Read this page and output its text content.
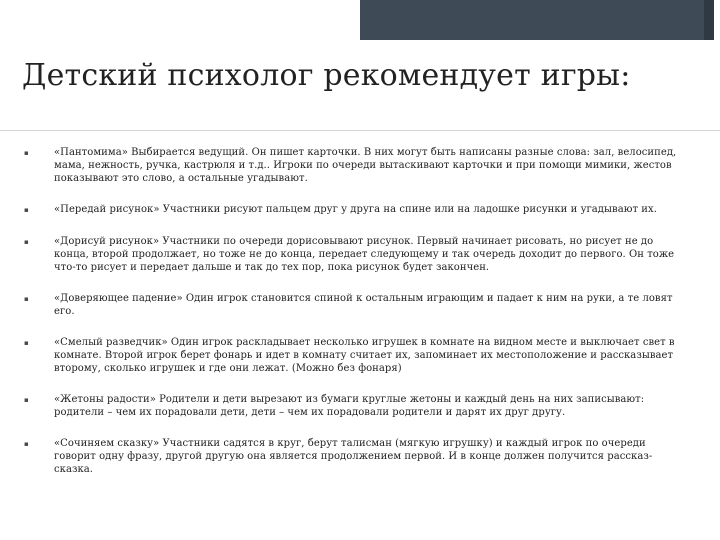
Детский психолог рекомендует игры:
▪	«Пантомима» Выбирается ведущий. Он пишет карточки. В них могут быть написаны разные слова: зал, велосипед, мама, нежность, ручка, кастрюля и т.д.. Игроки по очереди вытаскивают карточки и при помощи мимики, жестов показывают это слово, а остальные угадывают.
▪	«Передай рисунок» Участники рисуют пальцем друг у друга на спине или на ладошке рисунки и угадывают их.
▪	«Дорисуй рисунок» Участники по очереди дорисовывают рисунок. Первый начинает рисовать, но рисует не до конца, второй продолжает, но тоже не до конца, передает следующему и так очередь доходит до первого. Он тоже что-то рисует и передает дальше и так до тех пор, пока рисунок будет закончен.
▪	«Доверяющее падение» Один игрок становится спиной к остальным играющим и падает к ним на руки, а те ловят его.
▪	«Смелый разведчик» Один игрок раскладывает несколько игрушек в комнате на видном месте и выключает свет в комнате. Второй игрок берет фонарь и идет в комнату считает их, запоминает их местоположение и рассказывает второму, сколько игрушек и где они лежат. (Можно без фонаря)
▪	«Жетоны радости» Родители и дети вырезают из бумаги круглые жетоны и каждый день на них записывают: родители – чем их порадовали дети, дети – чем их порадовали родители и дарят их друг другу.
▪	«Сочиняем сказку» Участники садятся в круг, берут талисман (мягкую игрушку) и каждый игрок по очереди говорит одну фразу, другой другую она является продолжением первой. И в конце должен получится рассказ-сказка.
